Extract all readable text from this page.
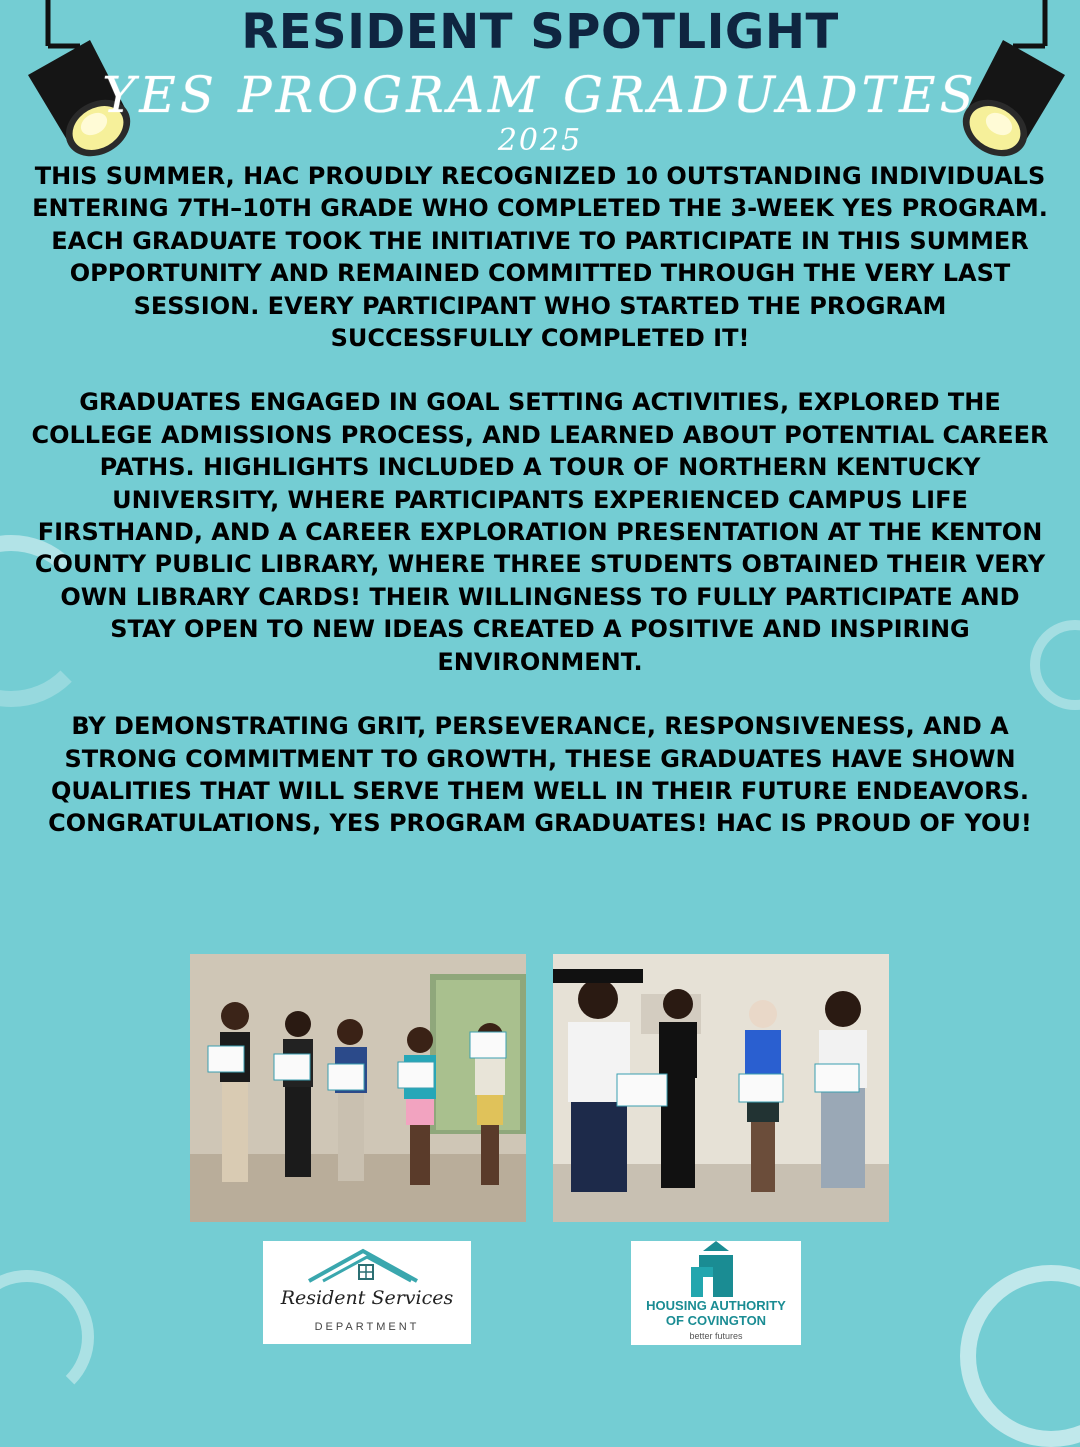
RESIDENT SPOTLIGHT
YES PROGRAM GRADUADTES
2025

THIS SUMMER, HAC PROUDLY RECOGNIZED 10 OUTSTANDING INDIVIDUALS ENTERING 7TH–10TH GRADE WHO COMPLETED THE 3-WEEK YES PROGRAM. EACH GRADUATE TOOK THE INITIATIVE TO PARTICIPATE IN THIS SUMMER OPPORTUNITY AND REMAINED COMMITTED THROUGH THE VERY LAST SESSION. EVERY PARTICIPANT WHO STARTED THE PROGRAM SUCCESSFULLY COMPLETED IT!

GRADUATES ENGAGED IN GOAL SETTING ACTIVITIES, EXPLORED THE COLLEGE ADMISSIONS PROCESS, AND LEARNED ABOUT POTENTIAL CAREER PATHS. HIGHLIGHTS INCLUDED A TOUR OF NORTHERN KENTUCKY UNIVERSITY, WHERE PARTICIPANTS EXPERIENCED CAMPUS LIFE FIRSTHAND, AND A CAREER EXPLORATION PRESENTATION AT THE KENTON COUNTY PUBLIC LIBRARY, WHERE THREE STUDENTS OBTAINED THEIR VERY OWN LIBRARY CARDS! THEIR WILLINGNESS TO FULLY PARTICIPATE AND STAY OPEN TO NEW IDEAS CREATED A POSITIVE AND INSPIRING ENVIRONMENT.

BY DEMONSTRATING GRIT, PERSEVERANCE, RESPONSIVENESS, AND A STRONG COMMITMENT TO GROWTH, THESE GRADUATES HAVE SHOWN QUALITIES THAT WILL SERVE THEM WELL IN THEIR FUTURE ENDEAVORS. CONGRATULATIONS, YES PROGRAM GRADUATES! HAC IS PROUD OF YOU!

Resident Services
DEPARTMENT
HOUSING AUTHORITY
OF COVINGTON
better futures
